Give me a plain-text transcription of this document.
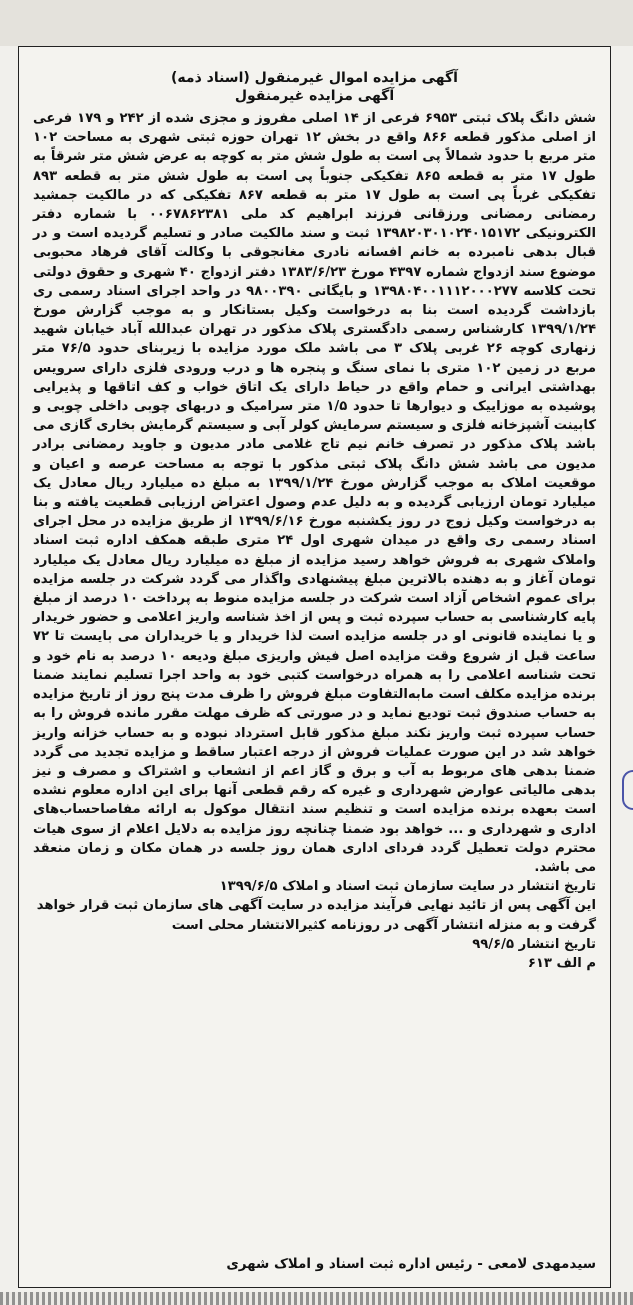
آگهی مزایده اموال غیرمنقول (اسناد ذمه)

آگهی مزایده غیرمنقول

شش دانگ پلاک ثبتی ۶۹۵۳ فرعی از ۱۴ اصلی مفروز و مجزی شده از ۲۴۲ و ۱۷۹ فرعی از اصلی مذکور قطعه ۸۶۶ واقع در بخش ۱۲ تهران حوزه ثبتی شهری به مساحت ۱۰۲ متر مربع با حدود شمالاً پی است به طول شش متر به کوچه به عرض شش متر شرقاً به طول ۱۷ متر به قطعه ۸۶۵ تفکیکی جنوباً پی است به طول شش متر به قطعه ۸۹۳ تفکیکی غرباً پی است به طول ۱۷ متر به قطعه ۸۶۷ تفکیکی که در مالکیت جمشید رمضانی رمضانی ورزقانی فرزند ابراهیم کد ملی ۰۰۶۷۸۶۲۳۸۱ با شماره دفتر الکترونیکی ۱۳۹۸۲۰۳۰۱۰۲۴۰۱۵۱۷۲ ثبت و سند مالکیت صادر و تسلیم گردیده است و در قبال بدهی نامبرده به خانم افسانه نادری مغانجوقی با وکالت آقای فرهاد محبوبی موضوع سند ازدواج شماره ۴۳۹۷ مورخ ۱۳۸۳/۶/۲۳ دفتر ازدواج ۴۰ شهری و حقوق دولتی تحت کلاسه ۱۳۹۸۰۴۰۰۱۱۱۲۰۰۰۲۷۷ و بایگانی ۹۸۰۰۳۹۰ در واحد اجرای اسناد رسمی ری بازداشت گردیده است بنا به درخواست وکیل بستانکار و به موجب گزارش مورخ ۱۳۹۹/۱/۲۴ کارشناس رسمی دادگستری پلاک مذکور در تهران عبدالله آباد خیابان شهید زنهاری کوچه ۲۶ غربی پلاک ۳ می باشد ملک مورد مزایده با زیربنای حدود ۷۶/۵ متر مربع در زمین ۱۰۲ متری با نمای سنگ و پنجره ها و درب ورودی فلزی دارای سرویس بهداشتی ایرانی و حمام واقع در حیاط دارای یک اتاق خواب و کف اتاقها و پذیرایی پوشیده به موزاییک و دیوارها تا حدود ۱/۵ متر سرامیک و دربهای چوبی داخلی چوبی و کابینت آشپزخانه فلزی و سیستم سرمایش کولر آبی و سیستم گرمایش بخاری گازی می باشد پلاک مذکور در تصرف خانم نیم تاج غلامی مادر مدیون و جاوید رمضانی برادر مدیون می باشد شش دانگ پلاک ثبتی مذکور با توجه به مساحت عرصه و اعیان و موقعیت املاک به موجب گزارش مورخ ۱۳۹۹/۱/۲۴ به مبلغ ده میلیارد ریال معادل یک میلیارد تومان ارزیابی گردیده و به دلیل عدم وصول اعتراض ارزیابی قطعیت یافته و بنا به درخواست وکیل زوج در روز یکشنبه مورخ ۱۳۹۹/۶/۱۶ از طریق مزایده در محل اجرای اسناد رسمی ری واقع در میدان شهری اول ۲۴ متری طبقه همکف اداره ثبت اسناد واملاک شهری به فروش خواهد رسید مزایده از مبلغ ده میلیارد ریال معادل یک میلیارد تومان آغاز و به دهنده بالاترین مبلغ پیشنهادی واگذار می گردد شرکت در جلسه مزایده برای عموم اشخاص آزاد است شرکت در جلسه مزایده منوط به پرداخت ۱۰ درصد از مبلغ پایه کارشناسی به حساب سپرده ثبت و پس از اخذ شناسه واریز اعلامی و حضور خریدار و یا نماینده قانونی او در جلسه مزایده است لذا خریدار و یا خریداران می بایست تا ۷۲ ساعت قبل از شروع وقت مزایده اصل فیش واریزی مبلغ ودیعه ۱۰ درصد به نام خود و تحت شناسه اعلامی را به همراه درخواست کتبی خود به واحد اجرا تسلیم نمایند ضمنا برنده مزایده مکلف است مابه‌التفاوت مبلغ فروش را ظرف مدت پنج روز از تاریخ مزایده به حساب صندوق ثبت تودیع نماید و در صورتی که ظرف مهلت مقرر مانده فروش را به حساب سپرده ثبت واریز نکند مبلغ مذکور قابل استرداد نبوده و به حساب خزانه واریز خواهد شد در این صورت عملیات فروش از درجه اعتبار ساقط و مزایده تجدید می گردد ضمنا بدهی های مربوط به آب و برق و گاز اعم از انشعاب و اشتراک و مصرف و نیز بدهی مالیاتی عوارض شهرداری و غیره که رقم قطعی آنها برای این اداره معلوم نشده است بعهده برنده مزایده است و تنظیم سند انتقال موکول به ارائه مفاصاحساب‌های اداری و شهرداری و ... خواهد بود ضمنا چنانچه روز مزایده به دلایل اعلام از سوی هیات محترم دولت تعطیل گردد فردای اداری همان روز جلسه در همان مکان و زمان منعقد می باشد.

تاریخ انتشار در سایت سازمان ثبت اسناد و املاک ۱۳۹۹/۶/۵

این آگهی پس از تائید نهایی فرآیند مزایده در سایت آگهی های سازمان ثبت قرار خواهد گرفت و به منزله انتشار آگهی در روزنامه کثیرالانتشار محلی است

تاریخ انتشار ۹۹/۶/۵

م الف ۶۱۳

سیدمهدی لامعی - رئیس اداره ثبت اسناد و املاک شهری
